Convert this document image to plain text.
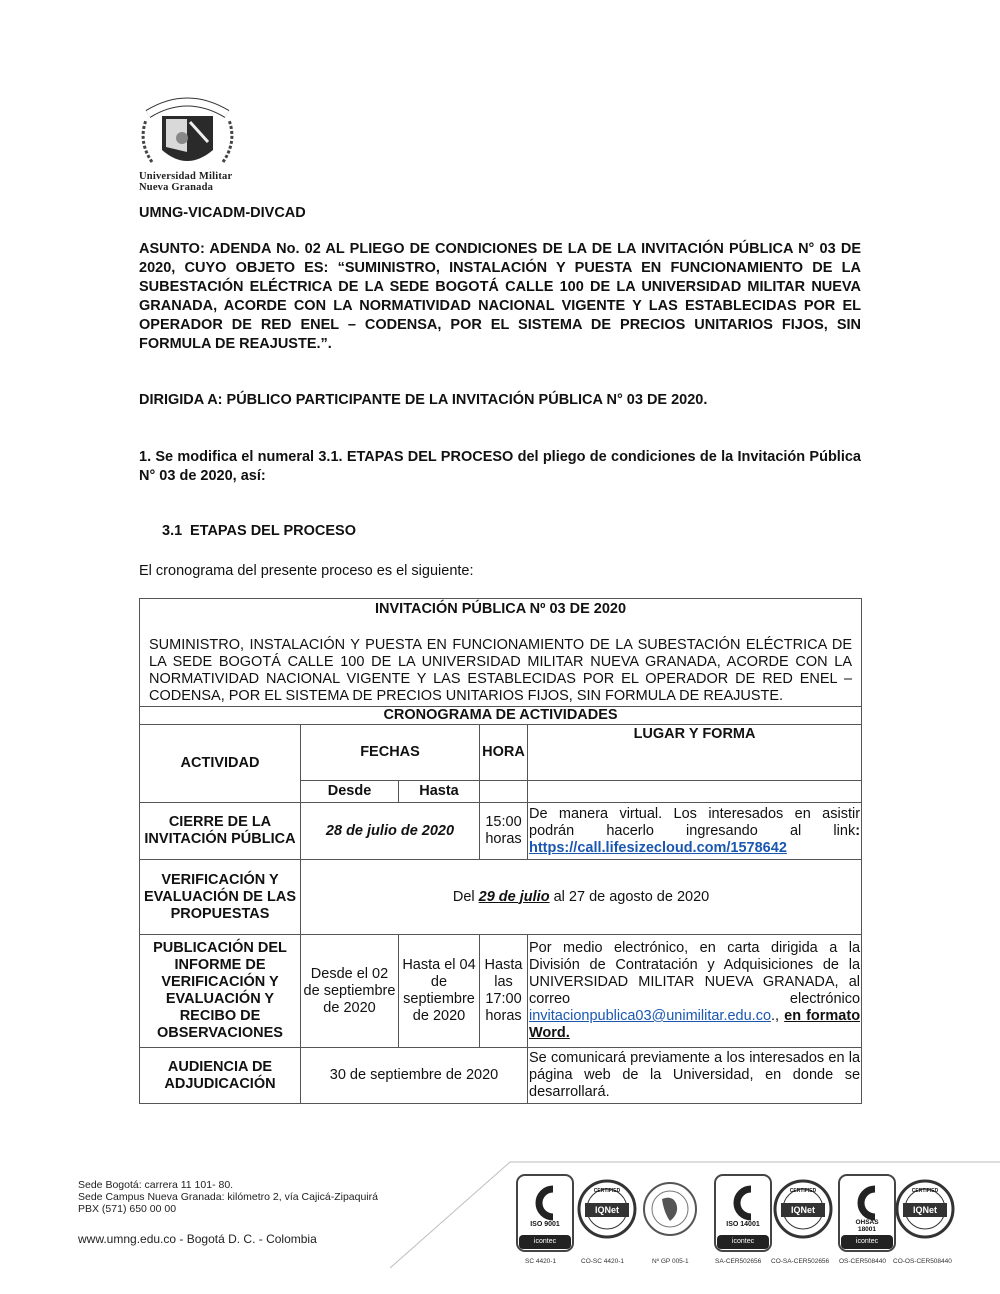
Universidad Militar
Nueva Granada
UMNG-VICADM-DIVCAD
ASUNTO: ADENDA No. 02 AL PLIEGO DE CONDICIONES DE LA DE LA INVITACIÓN PÚBLICA N° 03 DE 2020, CUYO OBJETO ES: “SUMINISTRO, INSTALACIÓN Y PUESTA EN FUNCIONAMIENTO DE LA SUBESTACIÓN ELÉCTRICA DE LA SEDE BOGOTÁ CALLE 100 DE LA UNIVERSIDAD MILITAR NUEVA GRANADA, ACORDE CON LA NORMATIVIDAD NACIONAL VIGENTE Y LAS ESTABLECIDAS POR EL OPERADOR DE RED ENEL – CODENSA, POR EL SISTEMA DE PRECIOS UNITARIOS FIJOS, SIN FORMULA DE REAJUSTE.”.
DIRIGIDA A: PÚBLICO PARTICIPANTE DE LA INVITACIÓN PÚBLICA N° 03 DE 2020.
1. Se modifica el numeral 3.1. ETAPAS DEL PROCESO del pliego de condiciones de la Invitación Pública N° 03 de 2020, así:
3.1 ETAPAS DEL PROCESO
El cronograma del presente proceso es el siguiente:
INVITACIÓN PÚBLICA Nº 03 DE 2020
SUMINISTRO, INSTALACIÓN Y PUESTA EN FUNCIONAMIENTO DE LA SUBESTACIÓN ELÉCTRICA DE LA SEDE BOGOTÁ CALLE 100 DE LA UNIVERSIDAD MILITAR NUEVA GRANADA, ACORDE CON LA NORMATIVIDAD NACIONAL VIGENTE Y LAS ESTABLECIDAS POR EL OPERADOR DE RED ENEL – CODENSA, POR EL SISTEMA DE PRECIOS UNITARIOS FIJOS, SIN FORMULA DE REAJUSTE.				

CRONOGRAMA DE ACTIVIDADES				
ACTIVIDAD	FECHAS		HORA	LUGAR Y FORMA
	Desde	Hasta		
CIERRE DE LA INVITACIÓN PÚBLICA	28 de julio de 2020		15:00 horas	De manera virtual. Los interesados en asistir podrán hacerlo ingresando al link: https://call.lifesizecloud.com/1578642
VERIFICACIÓN Y EVALUACIÓN DE LAS PROPUESTAS	Del 29 de julio al 27 de agosto de 2020			
PUBLICACIÓN DEL INFORME DE VERIFICACIÓN Y EVALUACIÓN Y RECIBO DE OBSERVACIONES	Desde el 02 de septiembre de 2020	Hasta el 04 de septiembre de 2020	Hasta las 17:00 horas	Por medio electrónico, en carta dirigida a la División de Contratación y Adquisiciones de la UNIVERSIDAD MILITAR NUEVA GRANADA, al correo electrónico invitacionpublica03@unimilitar.edu.co., en formato Word.
AUDIENCIA DE ADJUDICACIÓN	30 de septiembre de 2020			Se comunicará previamente a los interesados en la página web de la Universidad, en donde se desarrollará.
Sede Bogotá: carrera 11 101- 80.
Sede Campus Nueva Granada: kilómetro 2, vía Cajicá-Zipaquirá
PBX (571) 650 00 00
www.umng.edu.co - Bogotá D. C. - Colombia
ISO 9001
icontec
SC 4420-1
IQNet
CERTIFIED
CO-SC 4420-1	Nº GP 005-1
ISO 14001
icontec
SA-CER502656
IQNet
CERTIFIED
CO-SA-CER502656
OHSAS 18001
icontec
OS-CER508440
IQNet
CERTIFIED
CO-OS-CER508440
